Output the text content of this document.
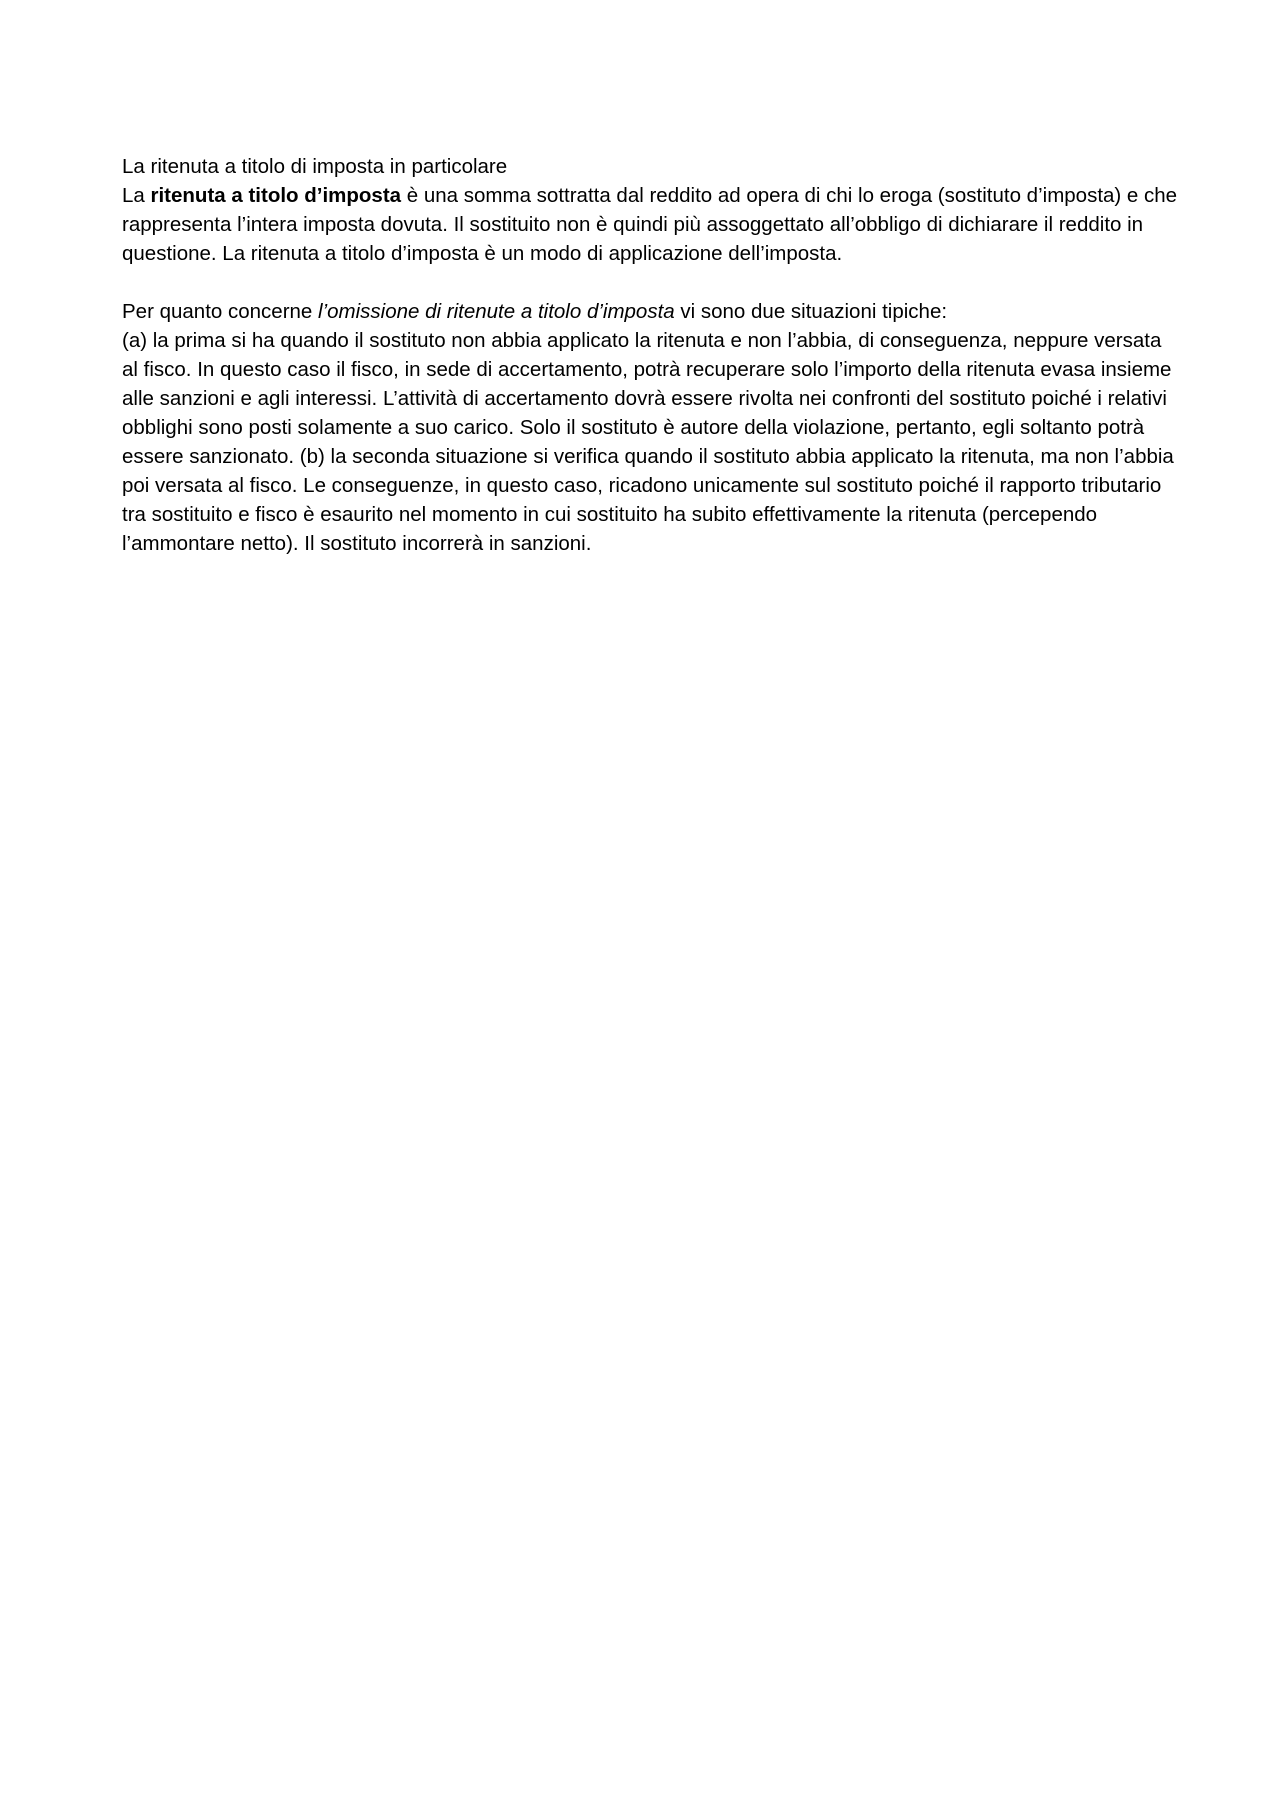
La ritenuta a titolo di imposta in particolare

La ritenuta a titolo d’imposta è una somma sottratta dal reddito ad opera di chi lo eroga (sostituto d’imposta) e che rappresenta l’intera imposta dovuta. Il sostituito non è quindi più assoggettato all’obbligo di dichiarare il reddito in questione. La ritenuta a titolo d’imposta è un modo di applicazione dell’imposta.

Per quanto concerne l’omissione di ritenute a titolo d’imposta vi sono due situazioni tipiche:

(a) la prima si ha quando il sostituto non abbia applicato la ritenuta e non l’abbia, di conseguenza, neppure versata al fisco. In questo caso il fisco, in sede di accertamento, potrà recuperare solo l’importo della ritenuta evasa insieme alle sanzioni e agli interessi. L’attività di accertamento dovrà essere rivolta nei confronti del sostituto poiché i relativi obblighi sono posti solamente a suo carico. Solo il sostituto è autore della violazione, pertanto, egli soltanto potrà essere sanzionato. (b) la seconda situazione si verifica quando il sostituto abbia applicato la ritenuta, ma non l’abbia poi versata al fisco. Le conseguenze, in questo caso, ricadono unicamente sul sostituto poiché il rapporto tributario tra sostituito e fisco è esaurito nel momento in cui sostituito ha subito effettivamente la ritenuta (percependo l’ammontare netto). Il sostituto incorrerà in sanzioni.
